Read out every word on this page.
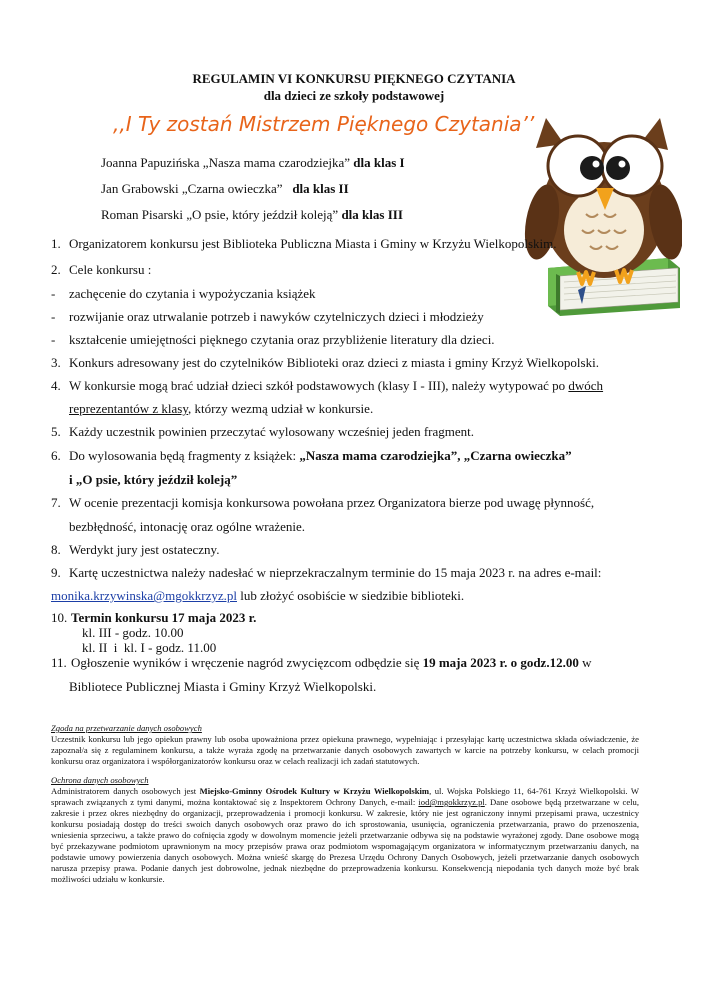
REGULAMIN VI KONKURSU PIĘKNEGO CZYTANIA
dla dzieci ze szkoły podstawowej
,,I Ty zostań Mistrzem Pięknego Czytania’’
Joanna Papuzińska „Nasza mama czarodziejka” dla klas I
Jan Grabowski „Czarna owieczka”   dla klas II
Roman Pisarski „O psie, który jeździł koleją” dla klas III
1. Organizatorem konkursu jest Biblioteka Publiczna Miasta i Gminy w Krzyżu Wielkopolskim.
2. Cele konkursu :
- zachęcenie do czytania i wypożyczania książek
- rozwijanie oraz utrwalanie potrzeb i nawyków czytelniczych dzieci i młodzieży
- kształcenie umiejętności pięknego czytania oraz przybliżenie literatury dla dzieci.
3. Konkurs adresowany jest do czytelników Biblioteki oraz dzieci z miasta i gminy Krzyż Wielkopolski.
4. W konkursie mogą brać udział dzieci szkół podstawowych (klasy I - III), należy wytypować po dwóch
reprezentantów z klasy, którzy wezmą udział w konkursie.
5. Każdy uczestnik powinien przeczytać wylosowany wcześniej jeden fragment.
6. Do wylosowania będą fragmenty z książek: „Nasza mama czarodziejka”, „Czarna owieczka”
i „O psie, który jeździł koleją”
7. W ocenie prezentacji komisja konkursowa powołana przez Organizatora bierze pod uwagę płynność,
bezbłędność, intonację oraz ogólne wrażenie.
8. Werdykt jury jest ostateczny.
9. Kartę uczestnictwa należy nadesłać w nieprzekraczalnym terminie do 15 maja 2023 r. na adres e-mail:
monika.krzywinska@mgokkrzyz.pl lub złożyć osobiście w siedzibie biblioteki.
10. Termin konkursu 17 maja 2023 r.
kl. III - godz. 10.00
kl. II  i  kl. I - godz. 11.00
11. Ogłoszenie wyników i wręczenie nagród zwycięzcom odbędzie się 19 maja 2023 r. o godz.12.00 w
Bibliotece Publicznej Miasta i Gminy Krzyż Wielkopolski.

Zgoda na przetwarzanie danych osobowych

Uczestnik konkursu lub jego opiekun prawny lub osoba upoważniona przez opiekuna prawnego, wypełniając i przesyłając kartę uczestnictwa składa oświadczenie, że zapoznał/a się z regulaminem konkursu, a także wyraża zgodę na przetwarzanie danych osobowych zawartych w karcie na potrzeby konkursu, w celach promocji konkursu oraz organizatora i współorganizatorów konkursu oraz w celach realizacji ich zadań statutowych.

Ochrona danych osobowych

Administratorem danych osobowych jest Miejsko-Gminny Ośrodek Kultury w Krzyżu Wielkopolskim, ul. Wojska Polskiego 11, 64-761 Krzyż Wielkopolski. W sprawach związanych z tymi danymi, można kontaktować się z Inspektorem Ochrony Danych, e-mail: iod@mgokkrzyz.pl. Dane osobowe będą przetwarzane w celu, zakresie i przez okres niezbędny do organizacji, przeprowadzenia i promocji konkursu. W zakresie, który nie jest ograniczony innymi przepisami prawa, uczestnicy konkursu posiadają dostęp do treści swoich danych osobowych oraz prawo do ich sprostowania, usunięcia, ograniczenia przetwarzania, prawo do przenoszenia, wniesienia sprzeciwu, a także prawo do cofnięcia zgody w dowolnym momencie jeżeli przetwarzanie odbywa się na podstawie wyrażonej zgody. Dane osobowe mogą być przekazywane podmiotom uprawnionym na mocy przepisów prawa oraz podmiotom wspomagającym organizatora w informatycznym przetwarzaniu danych, na podstawie umowy powierzenia danych osobowych. Można wnieść skargę do Prezesa Urzędu Ochrony Danych Osobowych, jeżeli przetwarzanie danych osobowych narusza przepisy prawa. Podanie danych jest dobrowolne, jednak niezbędne do przeprowadzenia konkursu. Konsekwencją niepodania tych danych może być brak możliwości udziału w konkursie.
